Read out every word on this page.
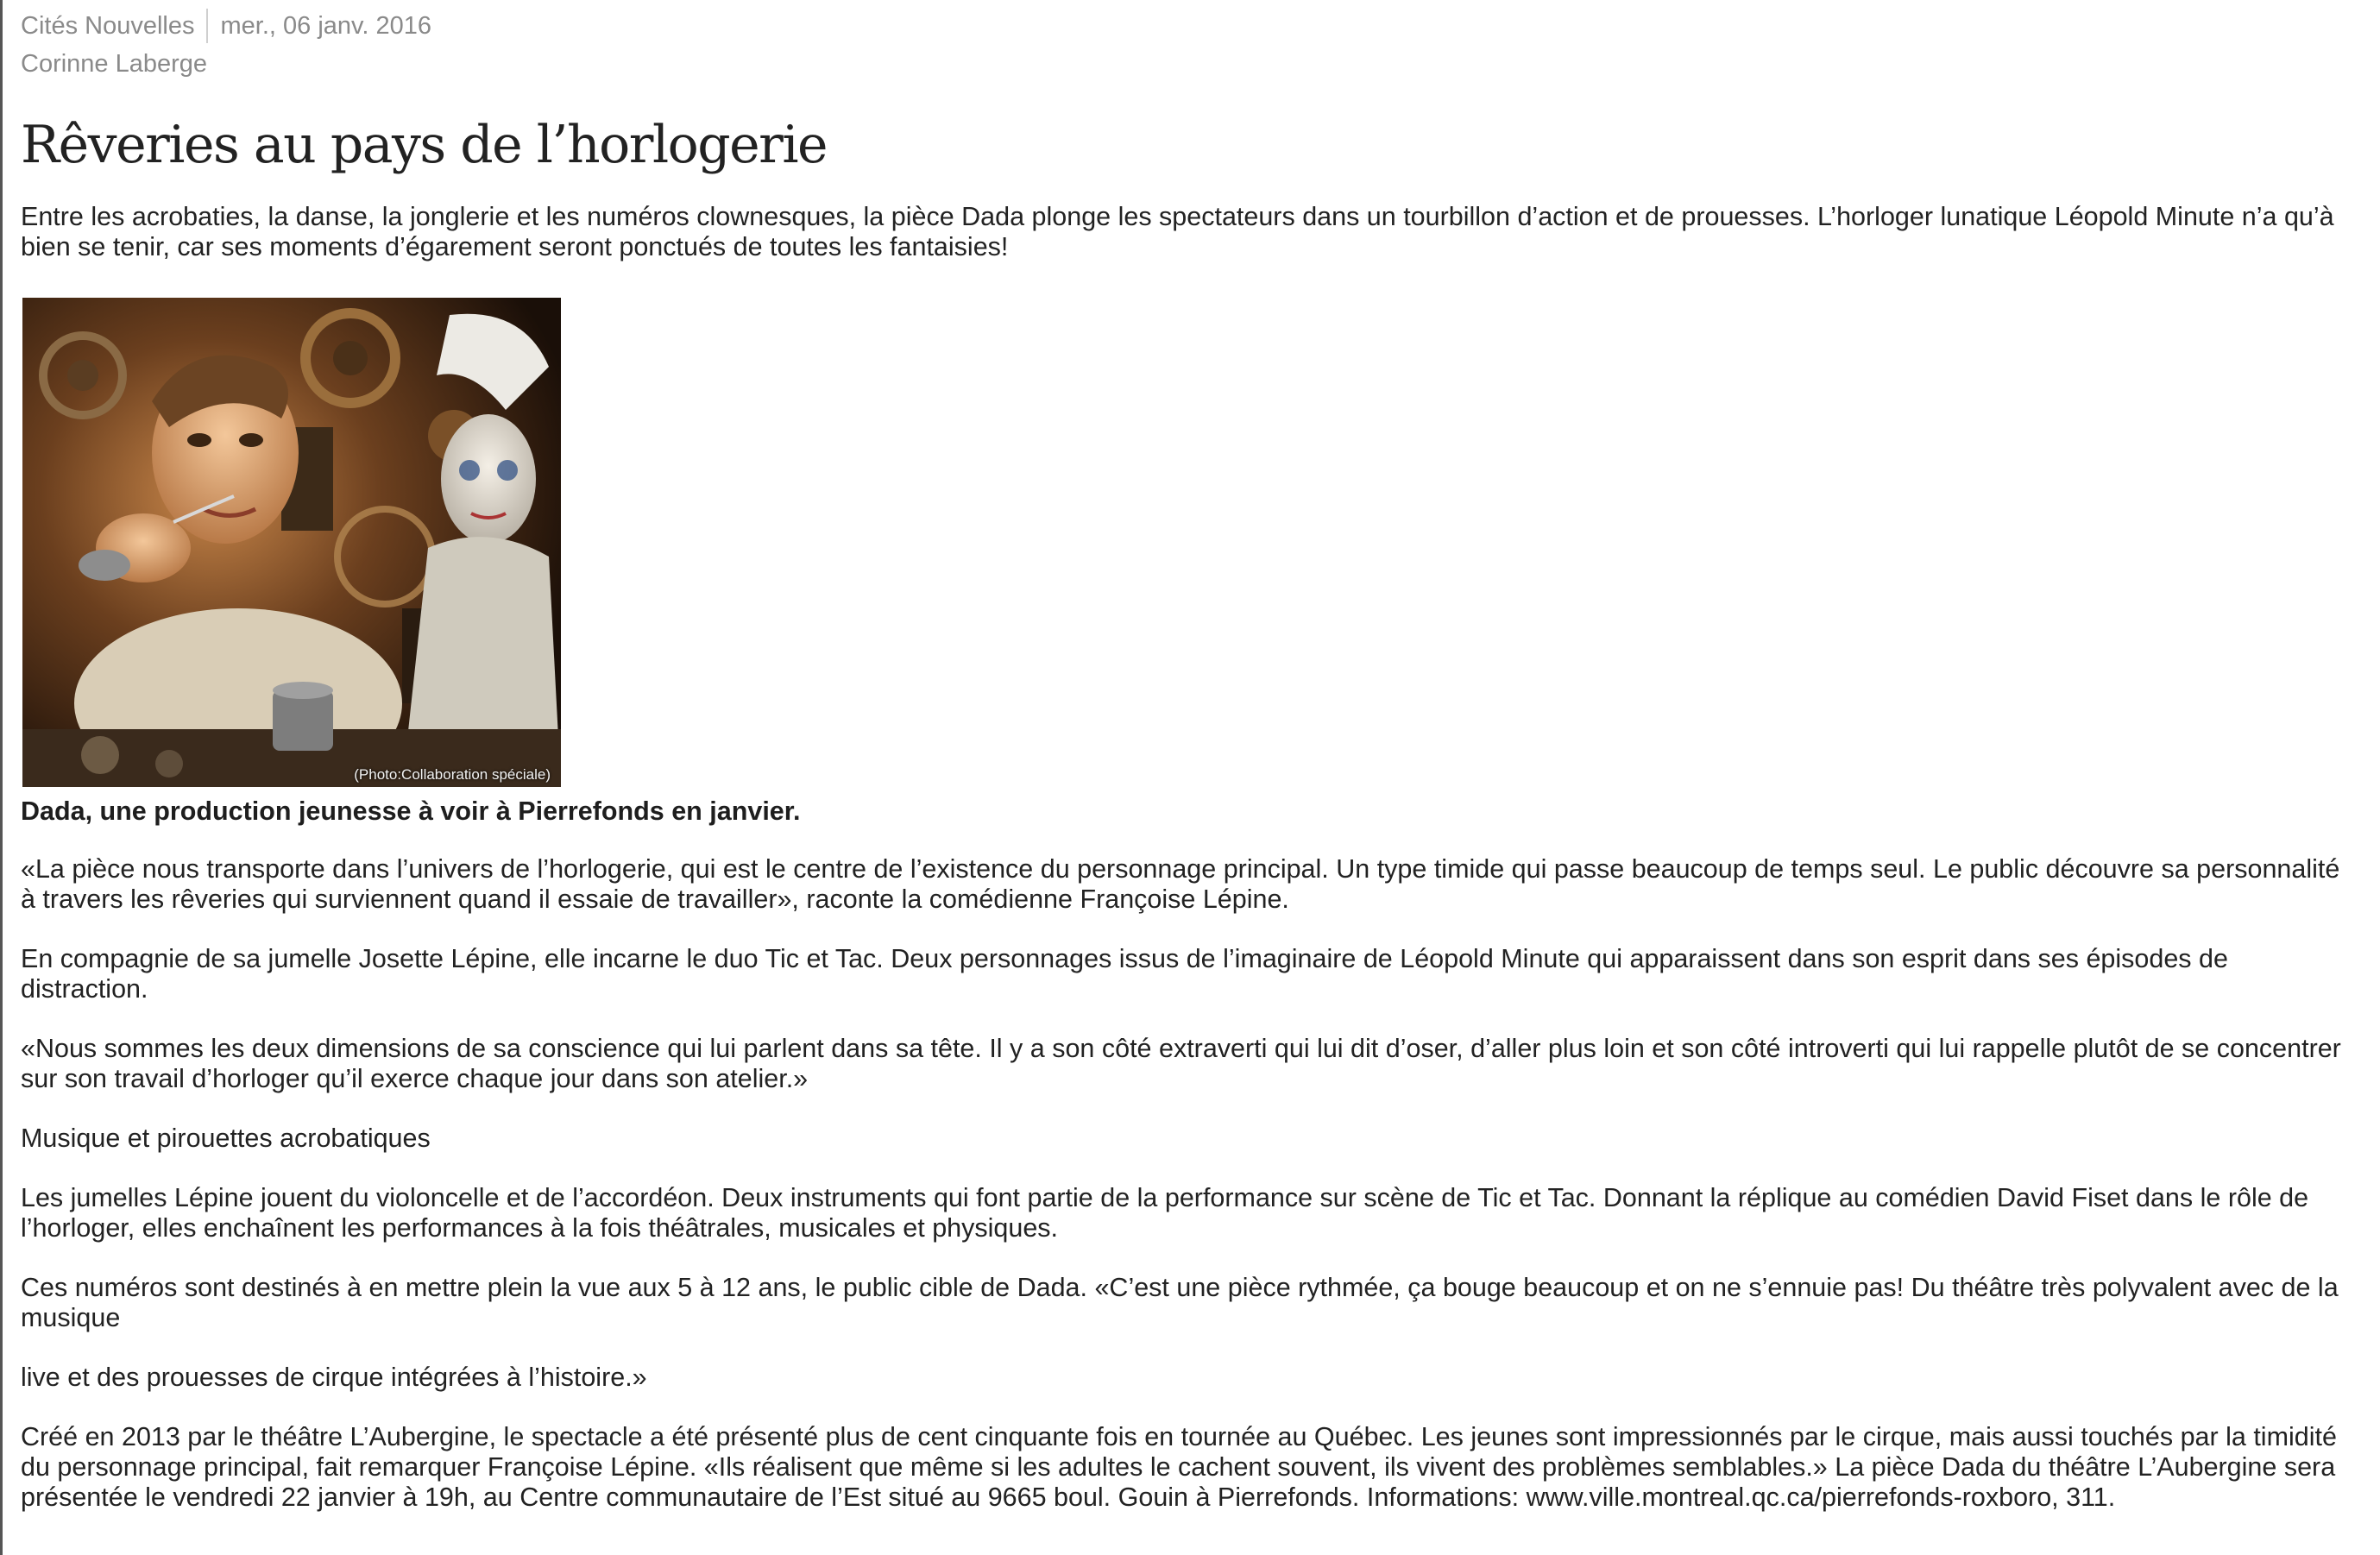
Cités Nouvelles mer., 06 janv. 2016
Corinne Laberge
Rêveries au pays de l’horlogerie

Entre les acrobaties, la danse, la jonglerie et les numéros clownesques, la pièce Dada plonge les spectateurs dans un tourbillon d’action et de prouesses. L’horloger lunatique Léopold Minute n’a qu’à bien se tenir, car ses moments d’égarement seront ponctués de toutes les fantaisies!

(Photo:Collaboration spéciale)

Dada, une production jeunesse à voir à Pierrefonds en janvier.

«La pièce nous transporte dans l’univers de l’horlogerie, qui est le centre de l’existence du personnage principal. Un type timide qui passe beaucoup de temps seul. Le public découvre sa personnalité à travers les rêveries qui surviennent quand il essaie de travailler», raconte la comédienne Françoise Lépine.

En compagnie de sa jumelle Josette Lépine, elle incarne le duo Tic et Tac. Deux personnages issus de l’imaginaire de Léopold Minute qui apparaissent dans son esprit dans ses épisodes de distraction.

«Nous sommes les deux dimensions de sa conscience qui lui parlent dans sa tête. Il y a son côté extraverti qui lui dit d’oser, d’aller plus loin et son côté introverti qui lui rappelle plutôt de se concentrer sur son travail d’horloger qu’il exerce chaque jour dans son atelier.»

Musique et pirouettes acrobatiques

Les jumelles Lépine jouent du violoncelle et de l’accordéon. Deux instruments qui font partie de la performance sur scène de Tic et Tac. Donnant la réplique au comédien David Fiset dans le rôle de l’horloger, elles enchaînent les performances à la fois théâtrales, musicales et physiques.

Ces numéros sont destinés à en mettre plein la vue aux 5 à 12 ans, le public cible de Dada. «C’est une pièce rythmée, ça bouge beaucoup et on ne s’ennuie pas! Du théâtre très polyvalent avec de la musique

live et des prouesses de cirque intégrées à l’histoire.»

Créé en 2013 par le théâtre L’Aubergine, le spectacle a été présenté plus de cent cinquante fois en tournée au Québec. Les jeunes sont impressionnés par le cirque, mais aussi touchés par la timidité du personnage principal, fait remarquer Françoise Lépine. «Ils réalisent que même si les adultes le cachent souvent, ils vivent des problèmes semblables.» La pièce Dada du théâtre L’Aubergine sera présentée le vendredi 22 janvier à 19h, au Centre communautaire de l’Est situé au 9665 boul. Gouin à Pierrefonds. Informations: www.ville.montreal.qc.ca/pierrefonds-roxboro, 311.
